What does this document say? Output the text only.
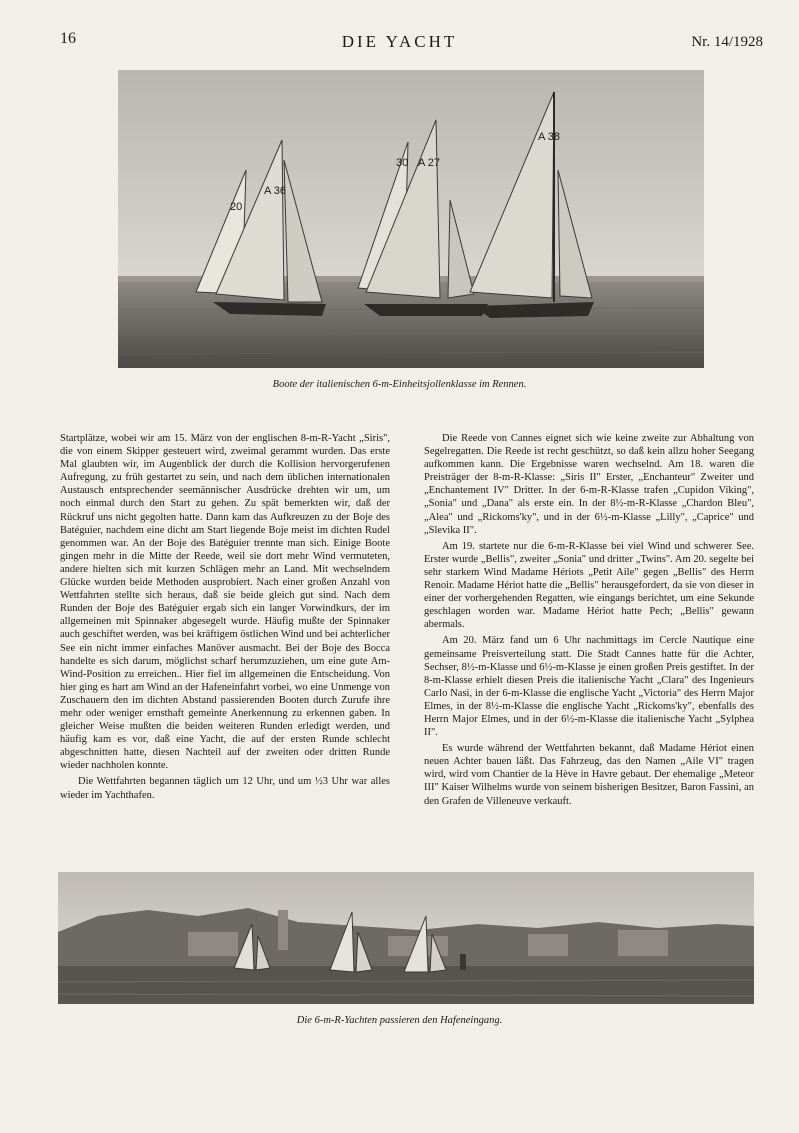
16	DIE YACHT	Nr. 14/1928
20
A 36
30 A 27
A 38
Boote der italienischen 6-m-Einheitsjollenklasse im Rennen.

Startplätze, wobei wir am 15. März von der englischen 8-m-R-Yacht „Siris", die von einem Skipper gesteuert wird, zweimal gerammt wurden. Das erste Mal glaubten wir, im Augenblick der durch die Kollision hervorgerufenen Aufregung, zu früh gestartet zu sein, und nach dem üblichen internationalen Austausch entsprechender seemännischer Ausdrücke drehten wir um, um noch einmal durch den Start zu gehen. Zu spät bemerkten wir, daß der Rückruf uns nicht gegolten hatte. Dann kam das Aufkreuzen zu der Boje des Batéguier, nachdem eine dicht am Start liegende Boje meist im dichten Rudel genommen war. An der Boje des Batéguier trennte man sich. Einige Boote gingen mehr in die Mitte der Reede, weil sie dort mehr Wind vermuteten, andere hielten sich mit kurzen Schlägen mehr an Land. Mit wechselndem Glücke wurden beide Methoden ausprobiert. Nach einer großen Anzahl von Wettfahrten stellte sich heraus, daß sie beide gleich gut sind. Nach dem Runden der Boje des Batéguier ergab sich ein langer Vorwindkurs, der im allgemeinen mit Spinnaker abgesegelt wurde. Häufig mußte der Spinnaker auch geschiftet werden, was bei kräftigem östlichen Wind und bei achterlicher See ein nicht immer einfaches Manöver ausmacht. Bei der Boje des Bocca handelte es sich darum, möglichst scharf herumzuziehen, um eine gute Am-Wind-Position zu erreichen.. Hier fiel im allgemeinen die Entscheidung. Von hier ging es hart am Wind an der Hafeneinfahrt vorbei, wo eine Unmenge von Zuschauern den im dichten Abstand passierenden Booten durch Zurufe ihre mehr oder weniger ernsthaft gemeinte Anerkennung zu erkennen gaben. In gleicher Weise mußten die beiden weiteren Runden erledigt werden, und häufig kam es vor, daß eine Yacht, die auf der ersten Runde schlecht abgeschnitten hatte, diesen Nachteil auf der zweiten oder dritten Runde wieder nachholen konnte.

Die Wettfahrten begannen täglich um 12 Uhr, und um ½3 Uhr war alles wieder im Yachthafen.

Die Reede von Cannes eignet sich wie keine zweite zur Abhaltung von Segelregatten. Die Reede ist recht geschützt, so daß kein allzu hoher Seegang aufkommen kann. Die Ergebnisse waren wechselnd. Am 18. waren die Preisträger der 8-m-R-Klasse: „Siris II" Erster, „Enchanteur" Zweiter und „Enchantement IV" Dritter. In der 6-m-R-Klasse trafen „Cupidon Viking", „Sonia" und „Dana" als erste ein. In der 8½-m-R-Klasse „Chardon Bleu", „Alea" und „Rickoms'ky", und in der 6½-m-Klasse „Lilly", „Caprice" und „Slevika II".

Am 19. startete nur die 6-m-R-Klasse bei viel Wind und schwerer See. Erster wurde „Bellis", zweiter „Sonia" und dritter „Twins". Am 20. segelte bei sehr starkem Wind Madame Hériots „Petit Aile" gegen „Bellis" des Herrn Renoir. Madame Hériot hatte die „Bellis" herausgefordert, da sie von dieser in einer der vorhergehenden Regatten, wie eingangs berichtet, um eine Sekunde geschlagen worden war. Madame Hériot hatte Pech; „Bellis" gewann abermals.

Am 20. März fand um 6 Uhr nachmittags im Cercle Nautique eine gemeinsame Preisverteilung statt. Die Stadt Cannes hatte für die Achter, Sechser, 8½-m-Klasse und 6½-m-Klasse je einen großen Preis gestiftet. In der 8-m-Klasse erhielt diesen Preis die italienische Yacht „Clara" des Ingenieurs Carlo Nasi, in der 6-m-Klasse die englische Yacht „Victoria" des Herrn Major Elmes, in der 8½-m-Klasse die englische Yacht „Rickoms'ky", ebenfalls des Herrn Major Elmes, und in der 6½-m-Klasse die italienische Yacht „Sylphea II".

Es wurde während der Wettfahrten bekannt, daß Madame Hériot einen neuen Achter bauen läßt. Das Fahrzeug, das den Namen „Aile VI" tragen wird, wird vom Chantier de la Hève in Havre gebaut. Der ehemalige „Meteor III" Kaiser Wilhelms wurde von seinem bisherigen Besitzer, Baron Fassini, an den Grafen de Villeneuve verkauft.

Die 6-m-R-Yachten passieren den Hafeneingang.
